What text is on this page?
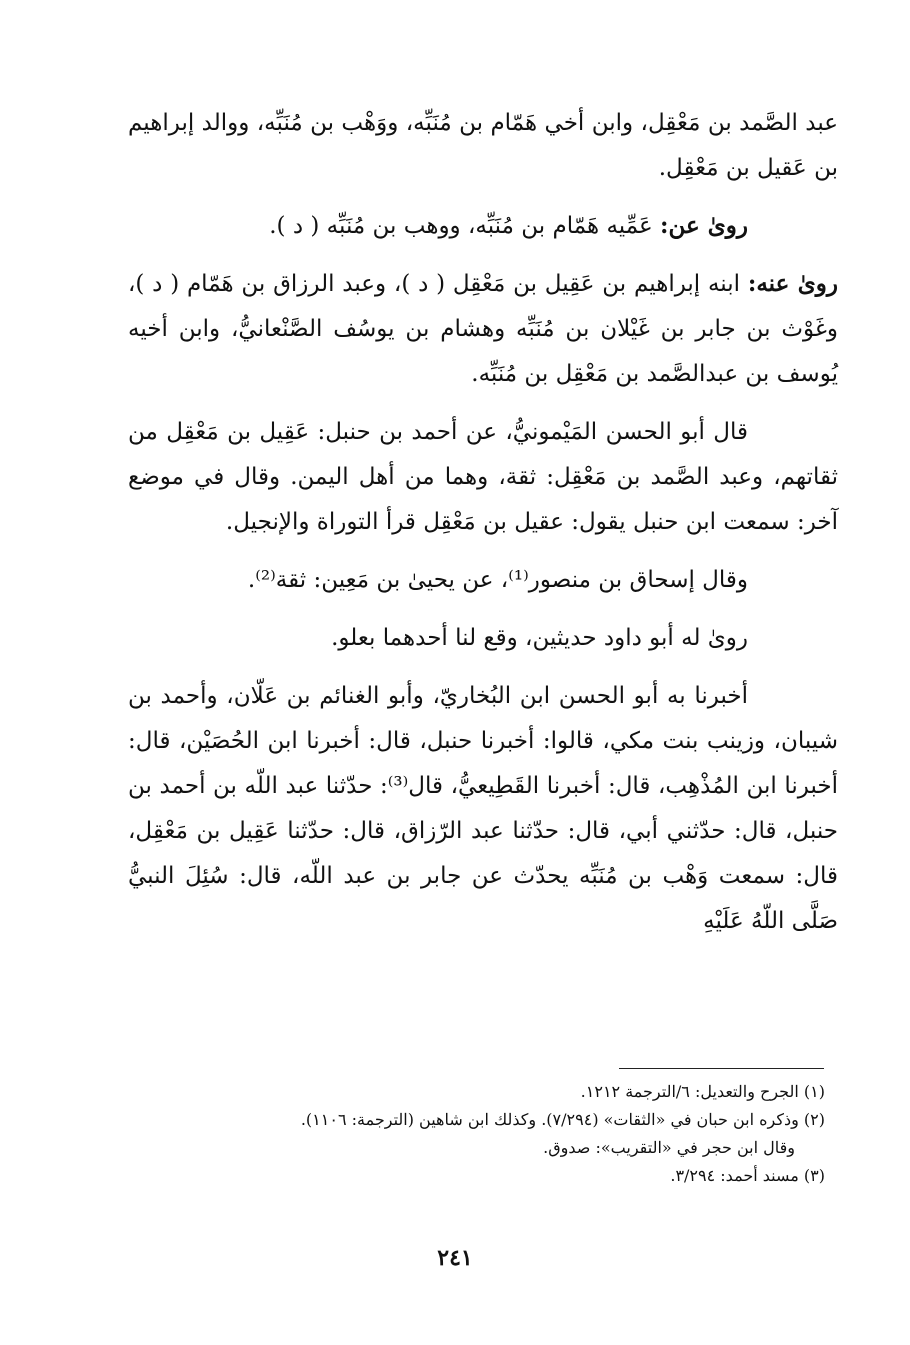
عبد الصَّمد بن مَعْقِل، وابن أخي هَمّام بن مُنَبِّه، ووَهْب بن مُنَبِّه، ووالد إبراهيم بن عَقيل بن مَعْقِل.

روىٰ عن: عَمِّيه هَمّام بن مُنَبِّه، ووهب بن مُنَبِّه ( د ).

روىٰ عنه: ابنه إبراهيم بن عَقِيل بن مَعْقِل ( د )، وعبد الرزاق بن هَمّام ( د )، وغَوْث بن جابر بن غَيْلان بن مُنَبِّه وهشام بن يوسُف الصَّنْعانيُّ، وابن أخيه يُوسف بن عبدالصَّمد بن مَعْقِل بن مُنَبِّه.

قال أبو الحسن المَيْمونيُّ، عن أحمد بن حنبل: عَقِيل بن مَعْقِل من ثقاتهم، وعبد الصَّمد بن مَعْقِل: ثقة، وهما من أهل اليمن. وقال في موضع آخر: سمعت ابن حنبل يقول: عقيل بن مَعْقِل قرأ التوراة والإنجيل.

وقال إسحاق بن منصور⁽¹⁾، عن يحيىٰ بن مَعِين: ثقة⁽²⁾.

روىٰ له أبو داود حديثين، وقع لنا أحدهما بعلو.

أخبرنا به أبو الحسن ابن البُخاريّ، وأبو الغنائم بن عَلّان، وأحمد بن شيبان، وزينب بنت مكي، قالوا: أخبرنا حنبل، قال: أخبرنا ابن الحُصَيْن، قال: أخبرنا ابن المُذْهِب، قال: أخبرنا القَطِيعيُّ، قال⁽³⁾: حدّثنا عبد اللّه بن أحمد بن حنبل، قال: حدّثني أبي، قال: حدّثنا عبد الرّزاق، قال: حدّثنا عَقِيل بن مَعْقِل، قال: سمعت وَهْب بن مُنَبِّه يحدّث عن جابر بن عبد اللّه، قال: سُئِلَ النبيُّ صَلَّى اللّهُ عَلَيْهِ

(١) الجرح والتعديل: ٦/الترجمة ١٢١٢.

(٢) وذكره ابن حبان في «الثقات» (٧/٢٩٤). وكذلك ابن شاهين (الترجمة: ١١٠٦).

وقال ابن حجر في «التقريب»: صدوق.

(٣) مسند أحمد: ٣/٢٩٤.

٢٤١
